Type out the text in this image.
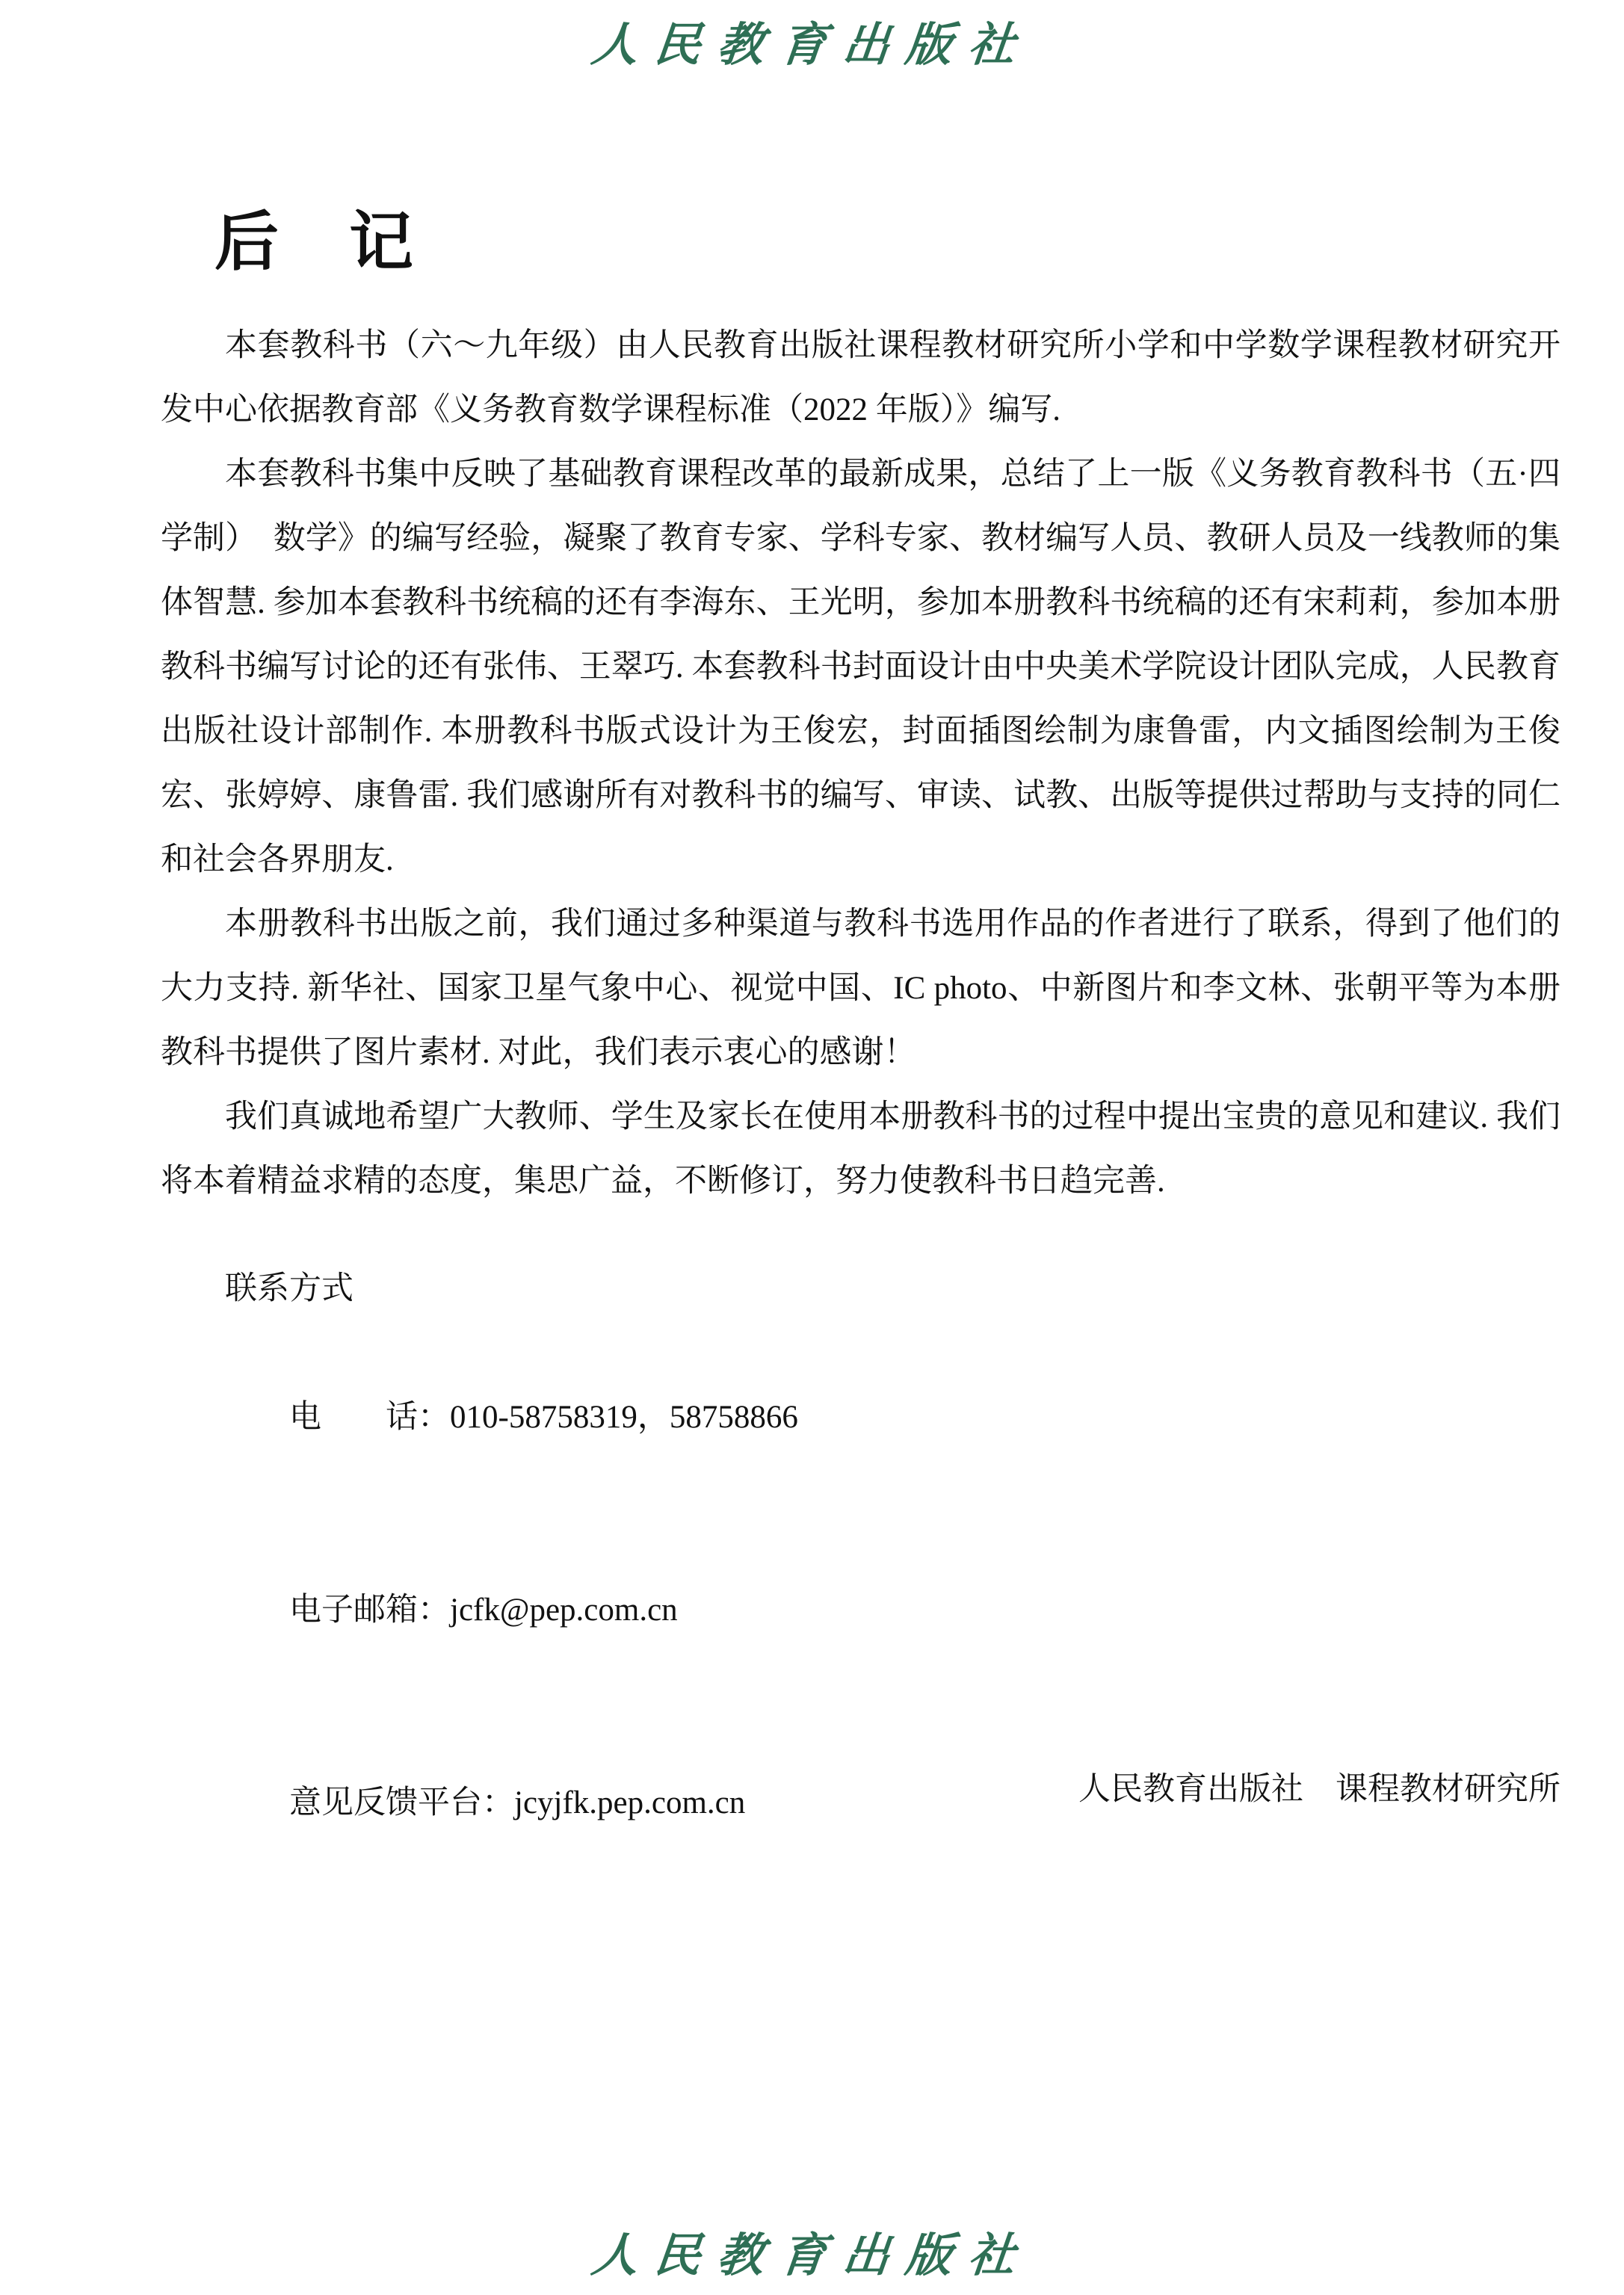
人民教育出版社
后　记

本套教科书（六～九年级）由人民教育出版社课程教材研究所小学和中学数学课程教材研究开发中心依据教育部《义务教育数学课程标准（2022 年版）》编写.

本套教科书集中反映了基础教育课程改革的最新成果，总结了上一版《义务教育教科书（五·四学制）　数学》的编写经验，凝聚了教育专家、学科专家、教材编写人员、教研人员及一线教师的集体智慧. 参加本套教科书统稿的还有李海东、王光明，参加本册教科书统稿的还有宋莉莉，参加本册教科书编写讨论的还有张伟、王翠巧. 本套教科书封面设计由中央美术学院设计团队完成，人民教育出版社设计部制作. 本册教科书版式设计为王俊宏，封面插图绘制为康鲁雷，内文插图绘制为王俊宏、张婷婷、康鲁雷. 我们感谢所有对教科书的编写、审读、试教、出版等提供过帮助与支持的同仁和社会各界朋友.

本册教科书出版之前，我们通过多种渠道与教科书选用作品的作者进行了联系，得到了他们的大力支持. 新华社、国家卫星气象中心、视觉中国、IC photo、中新图片和李文林、张朝平等为本册教科书提供了图片素材. 对此，我们表示衷心的感谢！

我们真诚地希望广大教师、学生及家长在使用本册教科书的过程中提出宝贵的意见和建议. 我们将本着精益求精的态度，集思广益，不断修订，努力使教科书日趋完善.

联系方式

电　　话：010-58758319，58758866

电子邮箱：jcfk@pep.com.cn

意见反馈平台：jcyjfk.pep.com.cn
	人民教育出版社　课程教材研究所
人民教育出版社
